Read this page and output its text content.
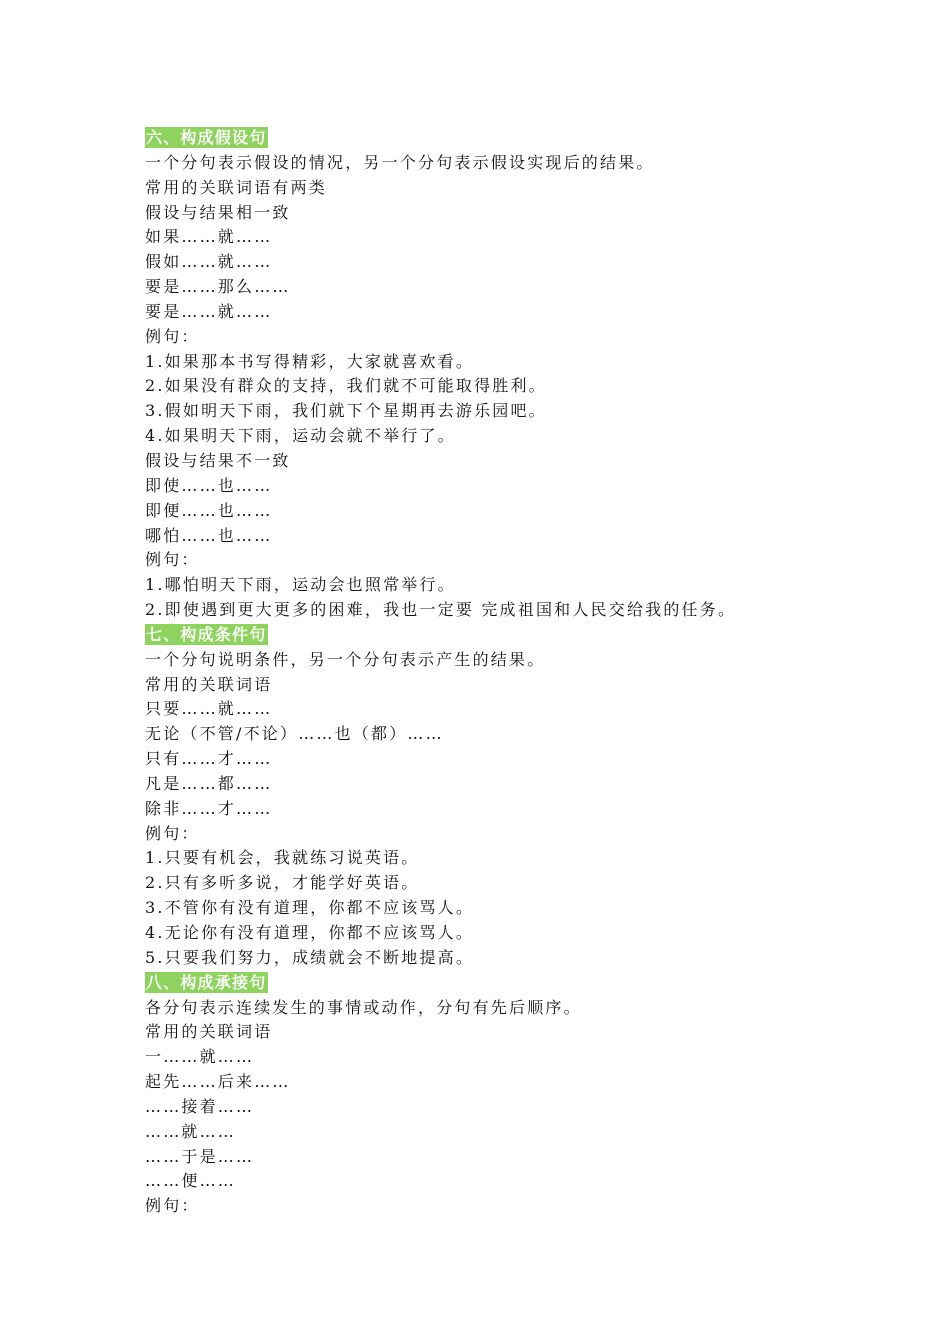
六、构成假设句
一个分句表示假设的情况，另一个分句表示假设实现后的结果。
常用的关联词语有两类
假设与结果相一致
如果……就……
假如……就……
要是……那么……
要是……就……
例句：
1.如果那本书写得精彩，大家就喜欢看。
2.如果没有群众的支持，我们就不可能取得胜利。
3.假如明天下雨，我们就下个星期再去游乐园吧。
4.如果明天下雨，运动会就不举行了。
假设与结果不一致
即使……也……
即便……也……
哪怕……也……
例句：
1.哪怕明天下雨，运动会也照常举行。
2.即使遇到更大更多的困难，我也一定要 完成祖国和人民交给我的任务。
七、构成条件句
一个分句说明条件，另一个分句表示产生的结果。
常用的关联词语
只要……就……
无论（不管/不论）……也（都）……
只有……才……
凡是……都……
除非……才……
例句：
1.只要有机会，我就练习说英语。
2.只有多听多说，才能学好英语。
3.不管你有没有道理，你都不应该骂人。
4.无论你有没有道理，你都不应该骂人。
5.只要我们努力，成绩就会不断地提高。
八、构成承接句
各分句表示连续发生的事情或动作，分句有先后顺序。
常用的关联词语
一……就……
起先……后来……
……接着……
……就……
……于是……
……便……
例句：
